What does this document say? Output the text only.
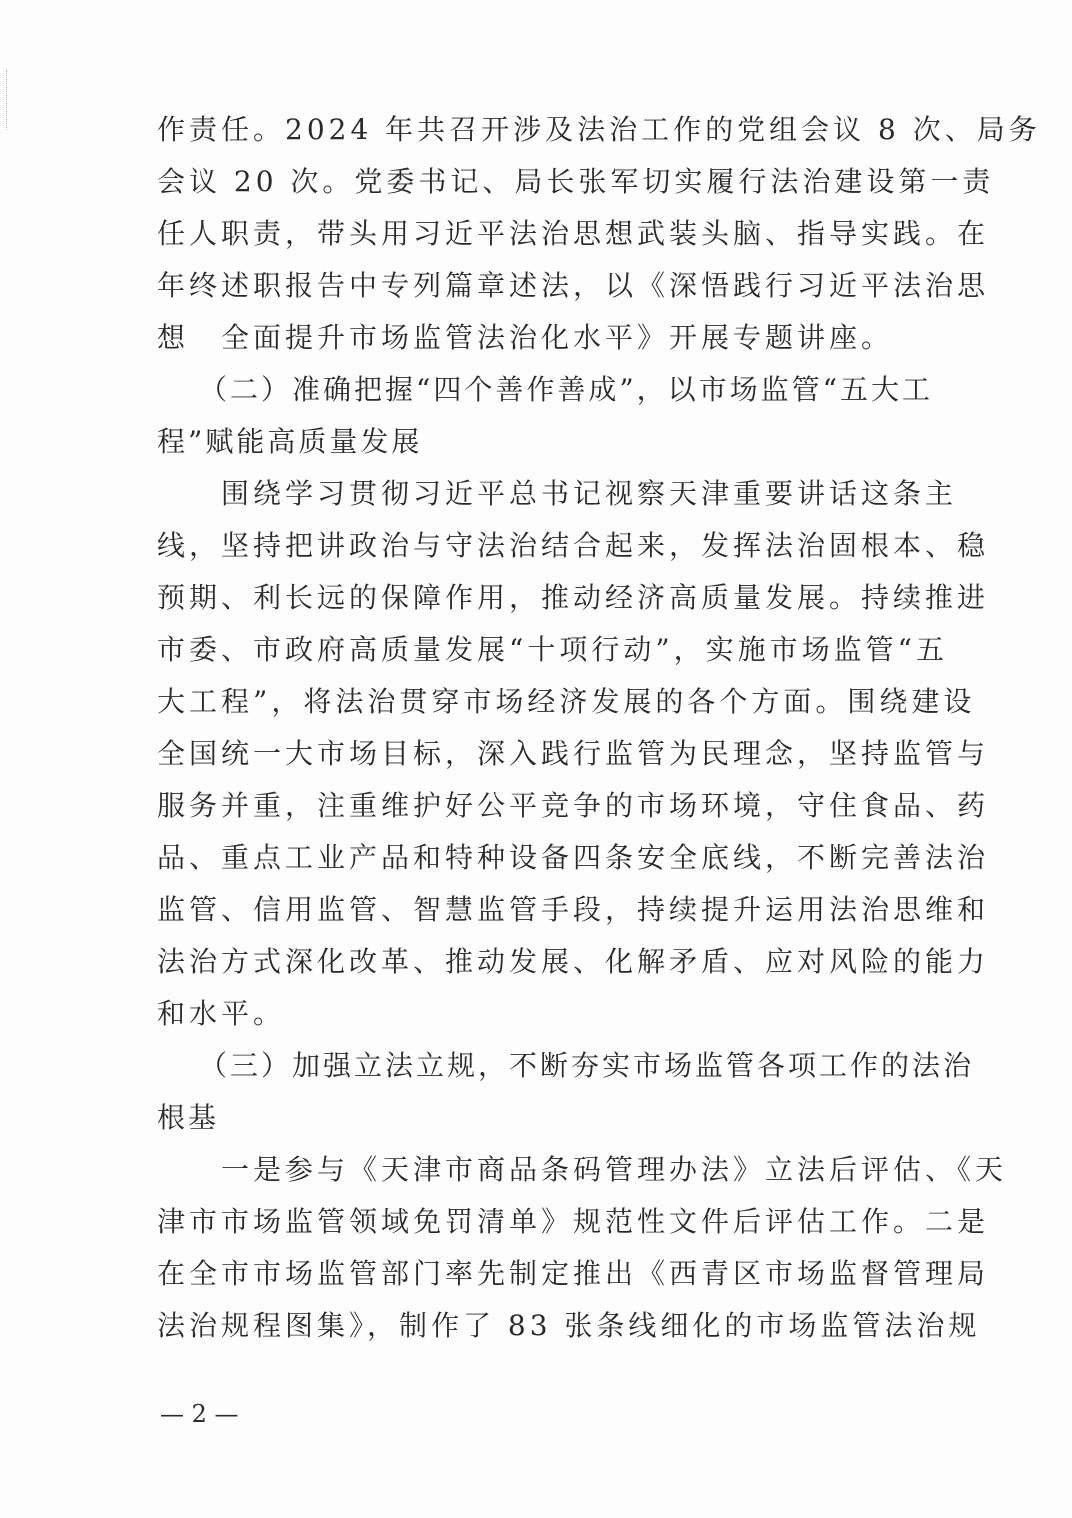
作责任。2024 年共召开涉及法治工作的党组会议 8 次、局务
会议 20 次。党委书记、局长张军切实履行法治建设第一责
任人职责，带头用习近平法治思想武装头脑、指导实践。在
年终述职报告中专列篇章述法，以《深悟践行习近平法治思
想　全面提升市场监管法治化水平》开展专题讲座。
（二）准确把握“四个善作善成”，以市场监管“五大工
程”赋能高质量发展
　　围绕学习贯彻习近平总书记视察天津重要讲话这条主
线，坚持把讲政治与守法治结合起来，发挥法治固根本、稳
预期、利长远的保障作用，推动经济高质量发展。持续推进
市委、市政府高质量发展“十项行动”，实施市场监管“五
大工程”，将法治贯穿市场经济发展的各个方面。围绕建设
全国统一大市场目标，深入践行监管为民理念，坚持监管与
服务并重，注重维护好公平竞争的市场环境，守住食品、药
品、重点工业产品和特种设备四条安全底线，不断完善法治
监管、信用监管、智慧监管手段，持续提升运用法治思维和
法治方式深化改革、推动发展、化解矛盾、应对风险的能力
和水平。
（三）加强立法立规，不断夯实市场监管各项工作的法治
根基
　　一是参与《天津市商品条码管理办法》立法后评估、《天
津市市场监管领域免罚清单》规范性文件后评估工作。二是
在全市市场监管部门率先制定推出《西青区市场监督管理局
法治规程图集》，制作了 83 张条线细化的市场监管法治规
— 2 —
